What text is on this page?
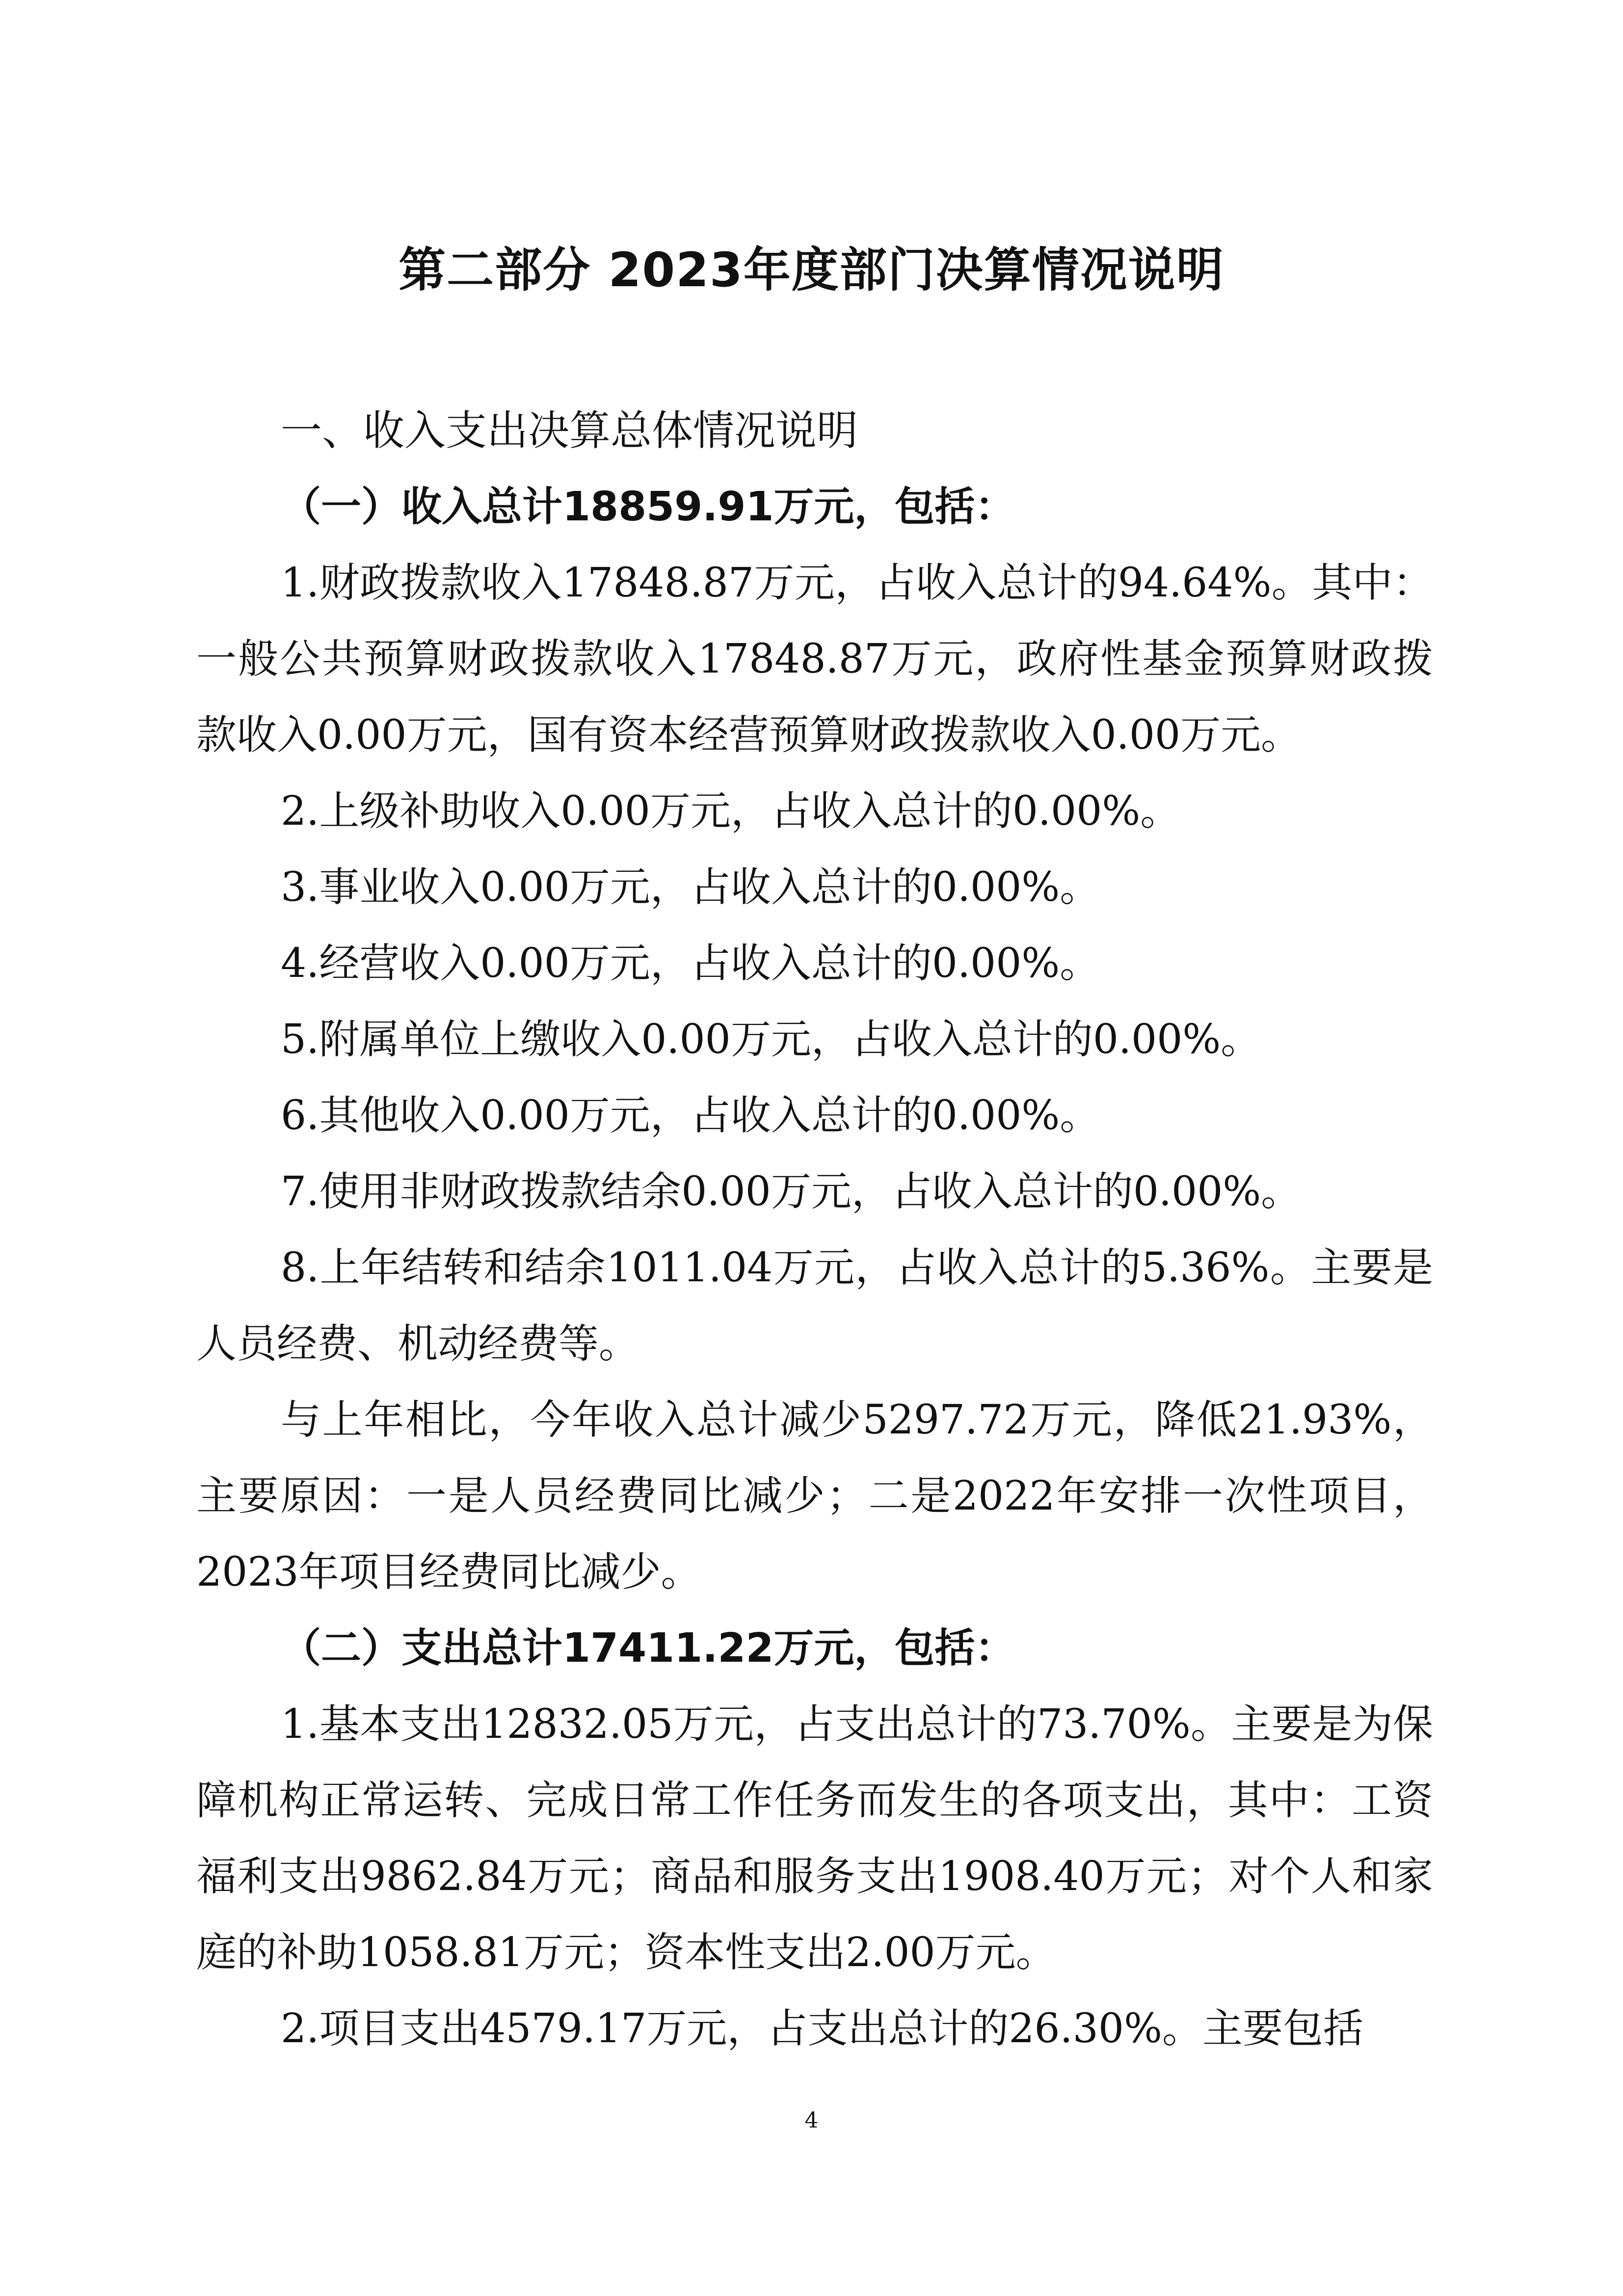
第二部分 2023年度部门决算情况说明

一、收入支出决算总体情况说明

（一）收入总计18859.91万元，包括：

1.财政拨款收入17848.87万元，占收入总计的94.64%。其中：一般公共预算财政拨款收入17848.87万元，政府性基金预算财政拨款收入0.00万元，国有资本经营预算财政拨款收入0.00万元。

2.上级补助收入0.00万元，占收入总计的0.00%。

3.事业收入0.00万元，占收入总计的0.00%。

4.经营收入0.00万元，占收入总计的0.00%。

5.附属单位上缴收入0.00万元，占收入总计的0.00%。

6.其他收入0.00万元，占收入总计的0.00%。

7.使用非财政拨款结余0.00万元，占收入总计的0.00%。

8.上年结转和结余1011.04万元，占收入总计的5.36%。主要是人员经费、机动经费等。

与上年相比，今年收入总计减少5297.72万元，降低21.93%，主要原因：一是人员经费同比减少；二是2022年安排一次性项目，2023年项目经费同比减少。

（二）支出总计17411.22万元，包括：

1.基本支出12832.05万元，占支出总计的73.70%。主要是为保障机构正常运转、完成日常工作任务而发生的各项支出，其中：工资福利支出9862.84万元；商品和服务支出1908.40万元；对个人和家庭的补助1058.81万元；资本性支出2.00万元。

2.项目支出4579.17万元，占支出总计的26.30%。主要包括

4
